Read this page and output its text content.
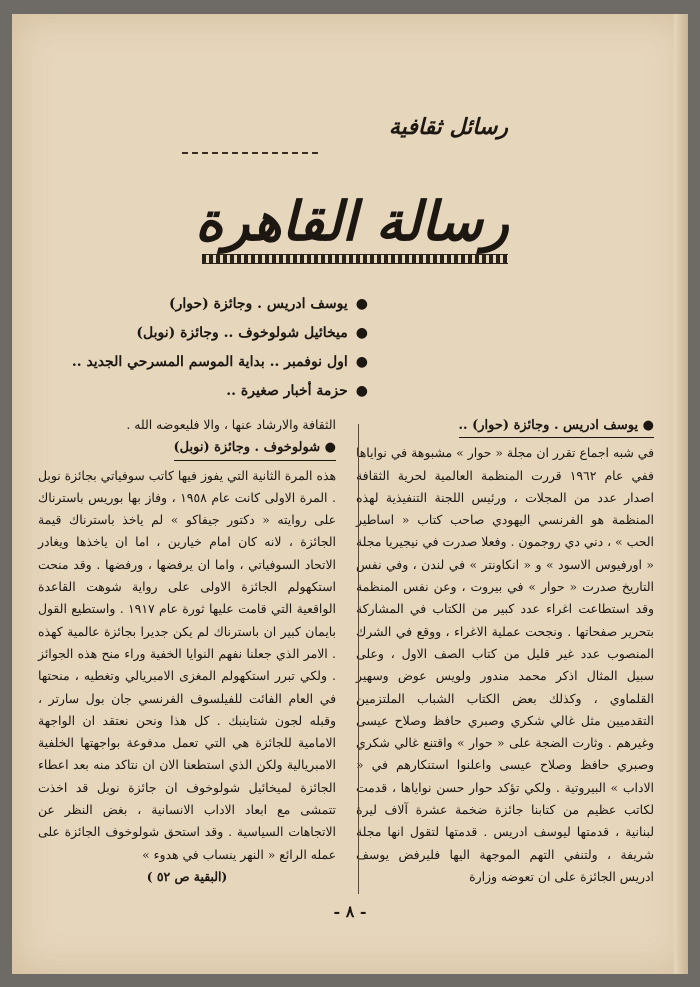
رسائل ثقافية
رسالة القاهرة
●يوسف ادريس . وجائزة (حوار)
●ميخائيل شولوخوف .. وجائزة (نوبل)
●اول نوفمبر .. بداية الموسم المسرحي الجديد ..
●حزمة أخبار صغيرة ..
● يوسف ادريس . وجائزة (حوار) ..

في شبه اجماع تقرر ان مجلة « حوار » مشبوهة في نواياها ففي عام ١٩٦٢ قررت المنظمة العالمية لحرية الثقافة اصدار عدد من المجلات ، ورئيس اللجنة التنفيذية لهذه المنظمة هو الفرنسي اليهودي صاحب كتاب « اساطير الحب » ، دني دي روجمون . وفعلا صدرت في نيجيريا مجلة « اورفيوس الاسود » و « انكاونتر » في لندن ، وفي نفس التاريخ صدرت « حوار » في بيروت ، وعن نفس المنظمة وقد استطاعت اغراء عدد كبير من الكتاب في المشاركة بتحرير صفحاتها . ونجحت عملية الاغراء ، ووقع في الشرك المنصوب عدد غير قليل من كتاب الصف الاول ، وعلى سبيل المثال اذكر محمد مندور ولويس عوض وسهير القلماوي ، وكذلك بعض الكتاب الشباب الملتزمين التقدميين مثل غالي شكري وصبري حافظ وصلاح عيسى وغيرهم . وثارت الضجة على « حوار » واقتنع غالي شكري وصبري حافظ وصلاح عيسى واعلنوا استنكارهم في « الاداب » البيروتية . ولكي تؤكد حوار حسن نواياها ، قدمت لكاتب عظيم من كتابنا جائزة ضخمة عشرة آلاف ليرة لبنانية ، قدمتها ليوسف ادريس . قدمتها لتقول انها مجلة شريفة ، ولتنفي التهم الموجهة اليها فليرفض يوسف ادريس الجائزة على ان تعوضه وزارة

الثقافة والارشاد عنها ، والا فليعوضه الله .

● شولوخوف . وجائزة (نوبل)

هذه المرة الثانية التي يفوز فيها كاتب سوفياتي بجائزة نوبل . المرة الاولى كانت عام ١٩٥٨ ، وفاز بها بوريس باسترناك على روايته « دكتور جيفاكو » لم ياخذ باسترناك قيمة الجائزة ، لانه كان امام خيارين ، اما ان ياخذها ويغادر الاتحاد السوفياتي ، واما ان يرفضها ، ورفضها . وقد منحت استكهولم الجائزة الاولى على رواية شوهت القاعدة الواقعية التي قامت عليها ثورة عام ١٩١٧ . واستطيع القول بايمان كبير ان باسترناك لم يكن جديرا بجائزة عالمية كهذه . الامر الذي جعلنا نفهم النوايا الخفية وراء منح هذه الجوائز . ولكي تبرر استكهولم المغزى الامبريالي وتغطيه ، منحتها في العام الفائت للفيلسوف الفرنسي جان بول سارتر ، وقبله لجون شتاينبك . كل هذا ونحن نعتقد ان الواجهة الامامية للجائزة هي التي تعمل مدفوعة بواجهتها الخلفية الامبريالية ولكن الذي استطعنا الان ان نتاكد منه بعد اعطاء الجائزة لميخائيل شولوخوف ان جائزة نوبل قد اخذت تتمشى مع ابعاد الاداب الانسانية ، بغض النظر عن الاتجاهات السياسية . وقد استحق شولوخوف الجائزة على عمله الرائع « النهر ينساب في هدوء »

(البقية ص ٥٢ )

- ٨ -
